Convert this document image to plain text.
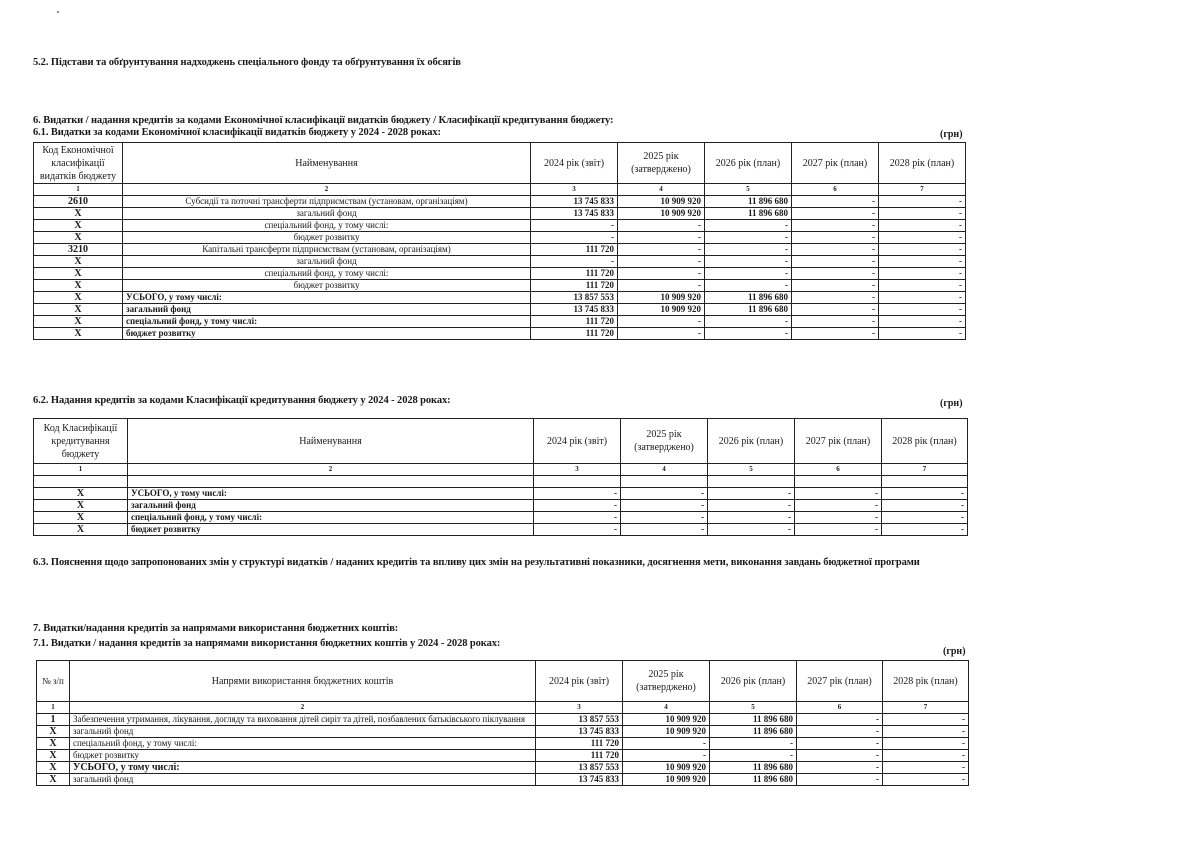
5.2. Підстави та обґрунтування надходжень спеціального фонду та обґрунтування їх обсягів
6. Видатки / надання кредитів за кодами Економічної класифікації видатків бюджету / Класифікації кредитування бюджету:
6.1. Видатки за кодами Економічної класифікації видатків бюджету у 2024 - 2028 роках:	(грн)
Код Економічної класифікації видатків бюджету	Найменування	2024 рік (звіт)	2025 рік (затверджено)	2026 рік (план)	2027 рік (план)	2028 рік (план)
1	2	3	4	5	6	7
2610	Субсидії та поточні трансферти підприємствам (установам, організаціям)	13 745 833	10 909 920	11 896 680	-	-
X	загальний фонд	13 745 833	10 909 920	11 896 680	-	-
X	спеціальний фонд, у тому числі:	-	-	-	-	-
X	бюджет розвитку	-	-	-	-	-
3210	Капітальні трансферти підприємствам (установам, організаціям)	111 720	-	-	-	-
X	загальний фонд	-	-	-	-	-
X	спеціальний фонд, у тому числі:	111 720	-	-	-	-
X	бюджет розвитку	111 720	-	-	-	-
X	УСЬОГО, у тому числі:	13 857 553	10 909 920	11 896 680	-	-
X	загальний фонд	13 745 833	10 909 920	11 896 680	-	-
X	спеціальний фонд, у тому числі:	111 720	-	-	-	-
X	бюджет розвитку	111 720	-	-	-	-
6.2. Надання кредитів за кодами Класифікації кредитування бюджету у 2024 - 2028 роках:	(грн)
Код Класифікації кредитування бюджету	Найменування	2024 рік (звіт)	2025 рік (затверджено)	2026 рік (план)	2027 рік (план)	2028 рік (план)
1	2	3	4	5	6	7

X	УСЬОГО, у тому числі:	-	-	-	-	-
X	загальний фонд	-	-	-	-	-
X	спеціальний фонд, у тому числі:	-	-	-	-	-
X	бюджет розвитку	-	-	-	-	-
6.3. Пояснення щодо запропонованих змін у структурі видатків / наданих кредитів та впливу цих змін на результативні показники, досягнення мети, виконання завдань бюджетної програми
7. Видатки/надання кредитів за напрямами використання бюджетних коштів:
7.1. Видатки / надання кредитів за напрямами використання бюджетних коштів у 2024 - 2028 роках:
(грн)
№ з/п	Напрями використання бюджетних коштів	2024 рік (звіт)	2025 рік (затверджено)	2026 рік (план)	2027 рік (план)	2028 рік (план)
1	2	3	4	5	6	7
1	Забезпечення утримання, лікування, догляду та виховання дітей сиріт та дітей, позбавлених батьківського піклування	13 857 553	10 909 920	11 896 680	-	-
X	загальний фонд	13 745 833	10 909 920	11 896 680	-	-
X	спеціальний фонд, у тому числі:	111 720	-	-	-	-
X	бюджет розвитку	111 720	-	-	-	-
X	УСЬОГО, у тому числі:	13 857 553	10 909 920	11 896 680	-	-
X	загальний фонд	13 745 833	10 909 920	11 896 680	-	-
